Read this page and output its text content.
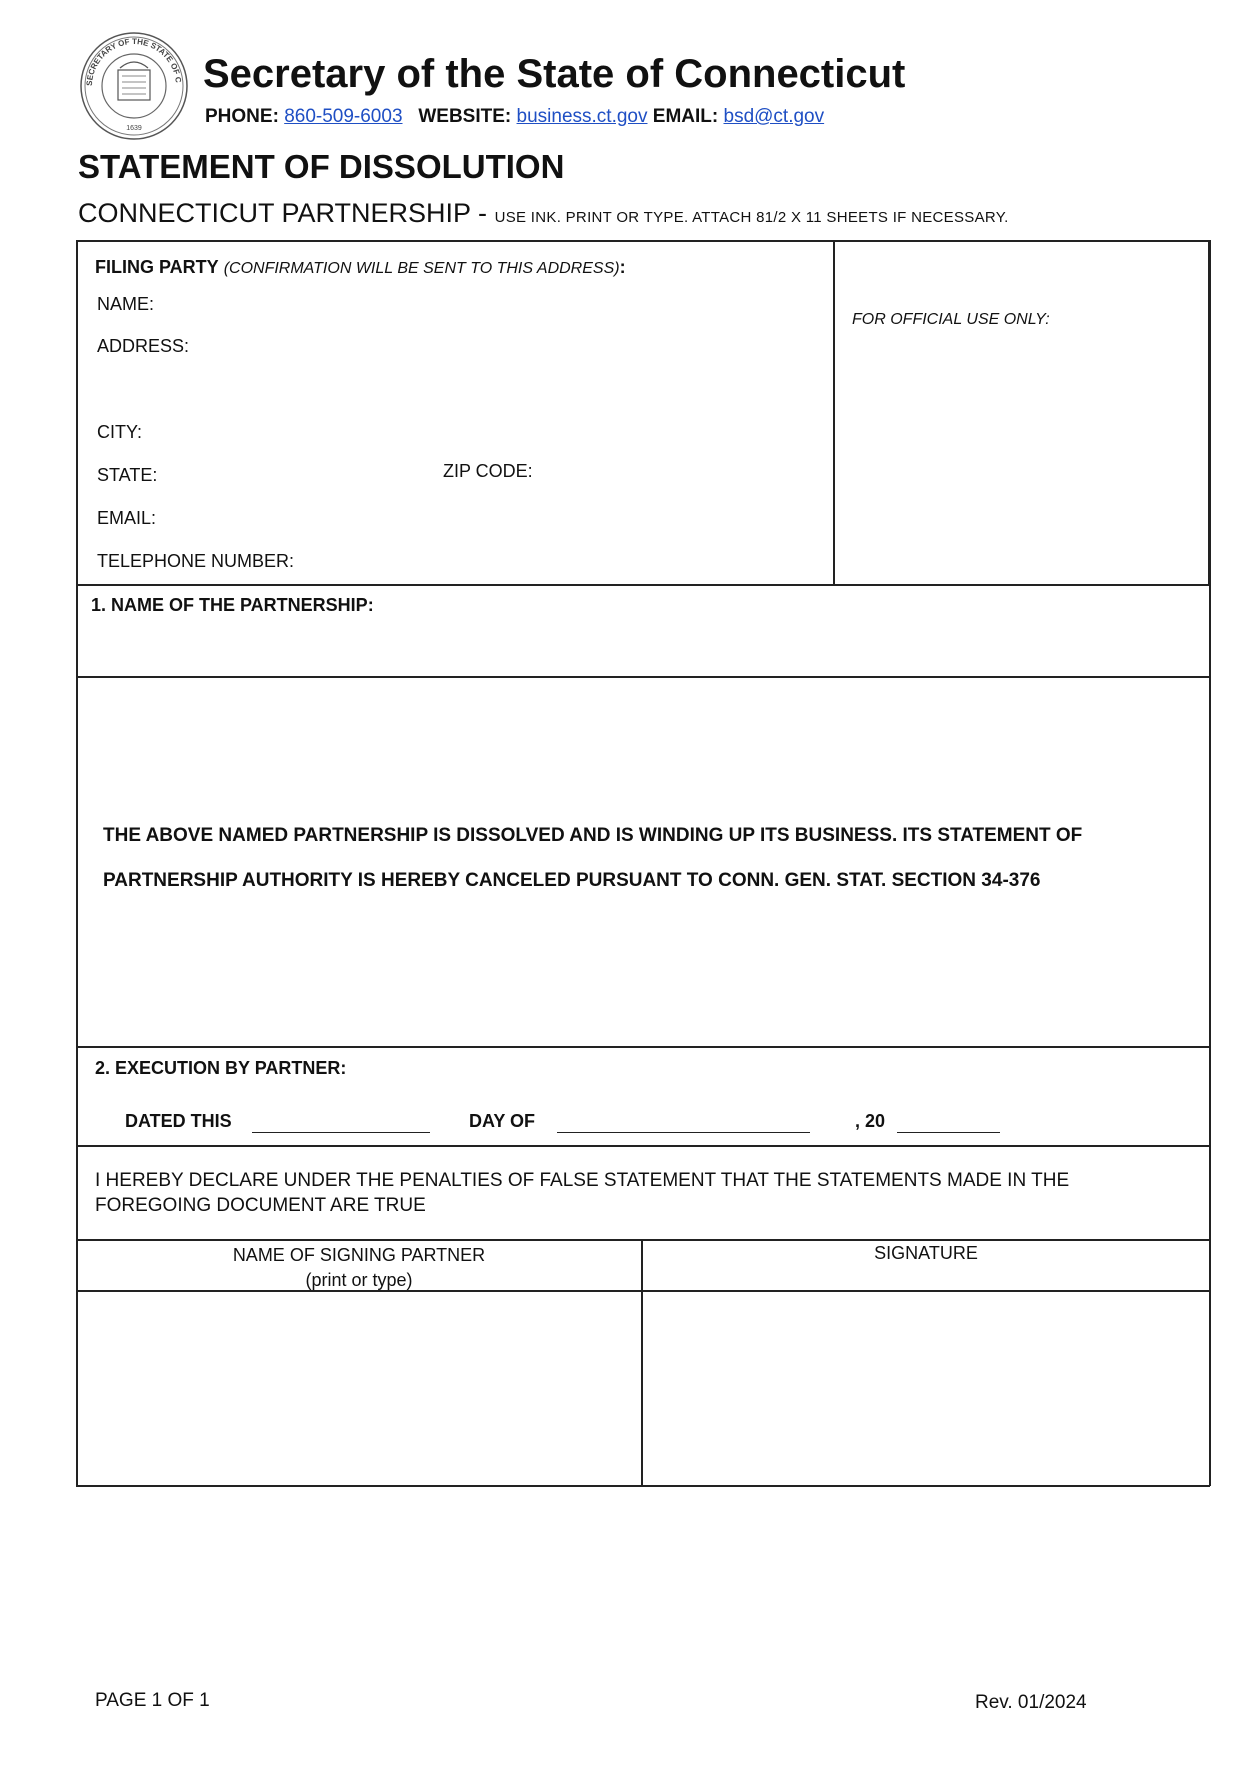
SECRETARY OF THE STATE OF C
1639
Secretary of the State of Connecticut
PHONE: 860-509-6003 WEBSITE: business.ct.gov EMAIL: bsd@ct.gov
STATEMENT OF DISSOLUTION
CONNECTICUT PARTNERSHIP - USE INK. PRINT OR TYPE. ATTACH 81/2 X 11 SHEETS IF NECESSARY.
FILING PARTY (CONFIRMATION WILL BE SENT TO THIS ADDRESS):
NAME:
ADDRESS:
CITY:
STATE:	ZIP CODE:
EMAIL:
TELEPHONE NUMBER:
FOR OFFICIAL USE ONLY:
1. NAME OF THE PARTNERSHIP:
THE ABOVE NAMED PARTNERSHIP IS DISSOLVED AND IS WINDING UP ITS BUSINESS. ITS STATEMENT OF
PARTNERSHIP AUTHORITY IS HEREBY CANCELED PURSUANT TO CONN. GEN. STAT. SECTION 34-376
2. EXECUTION BY PARTNER:
DATED THIS	DAY OF	, 20
I HEREBY DECLARE UNDER THE PENALTIES OF FALSE STATEMENT THAT THE STATEMENTS MADE IN THE
FOREGOING DOCUMENT ARE TRUE
NAME OF SIGNING PARTNER
(print or type)
SIGNATURE
PAGE 1 OF 1	Rev. 01/2024
